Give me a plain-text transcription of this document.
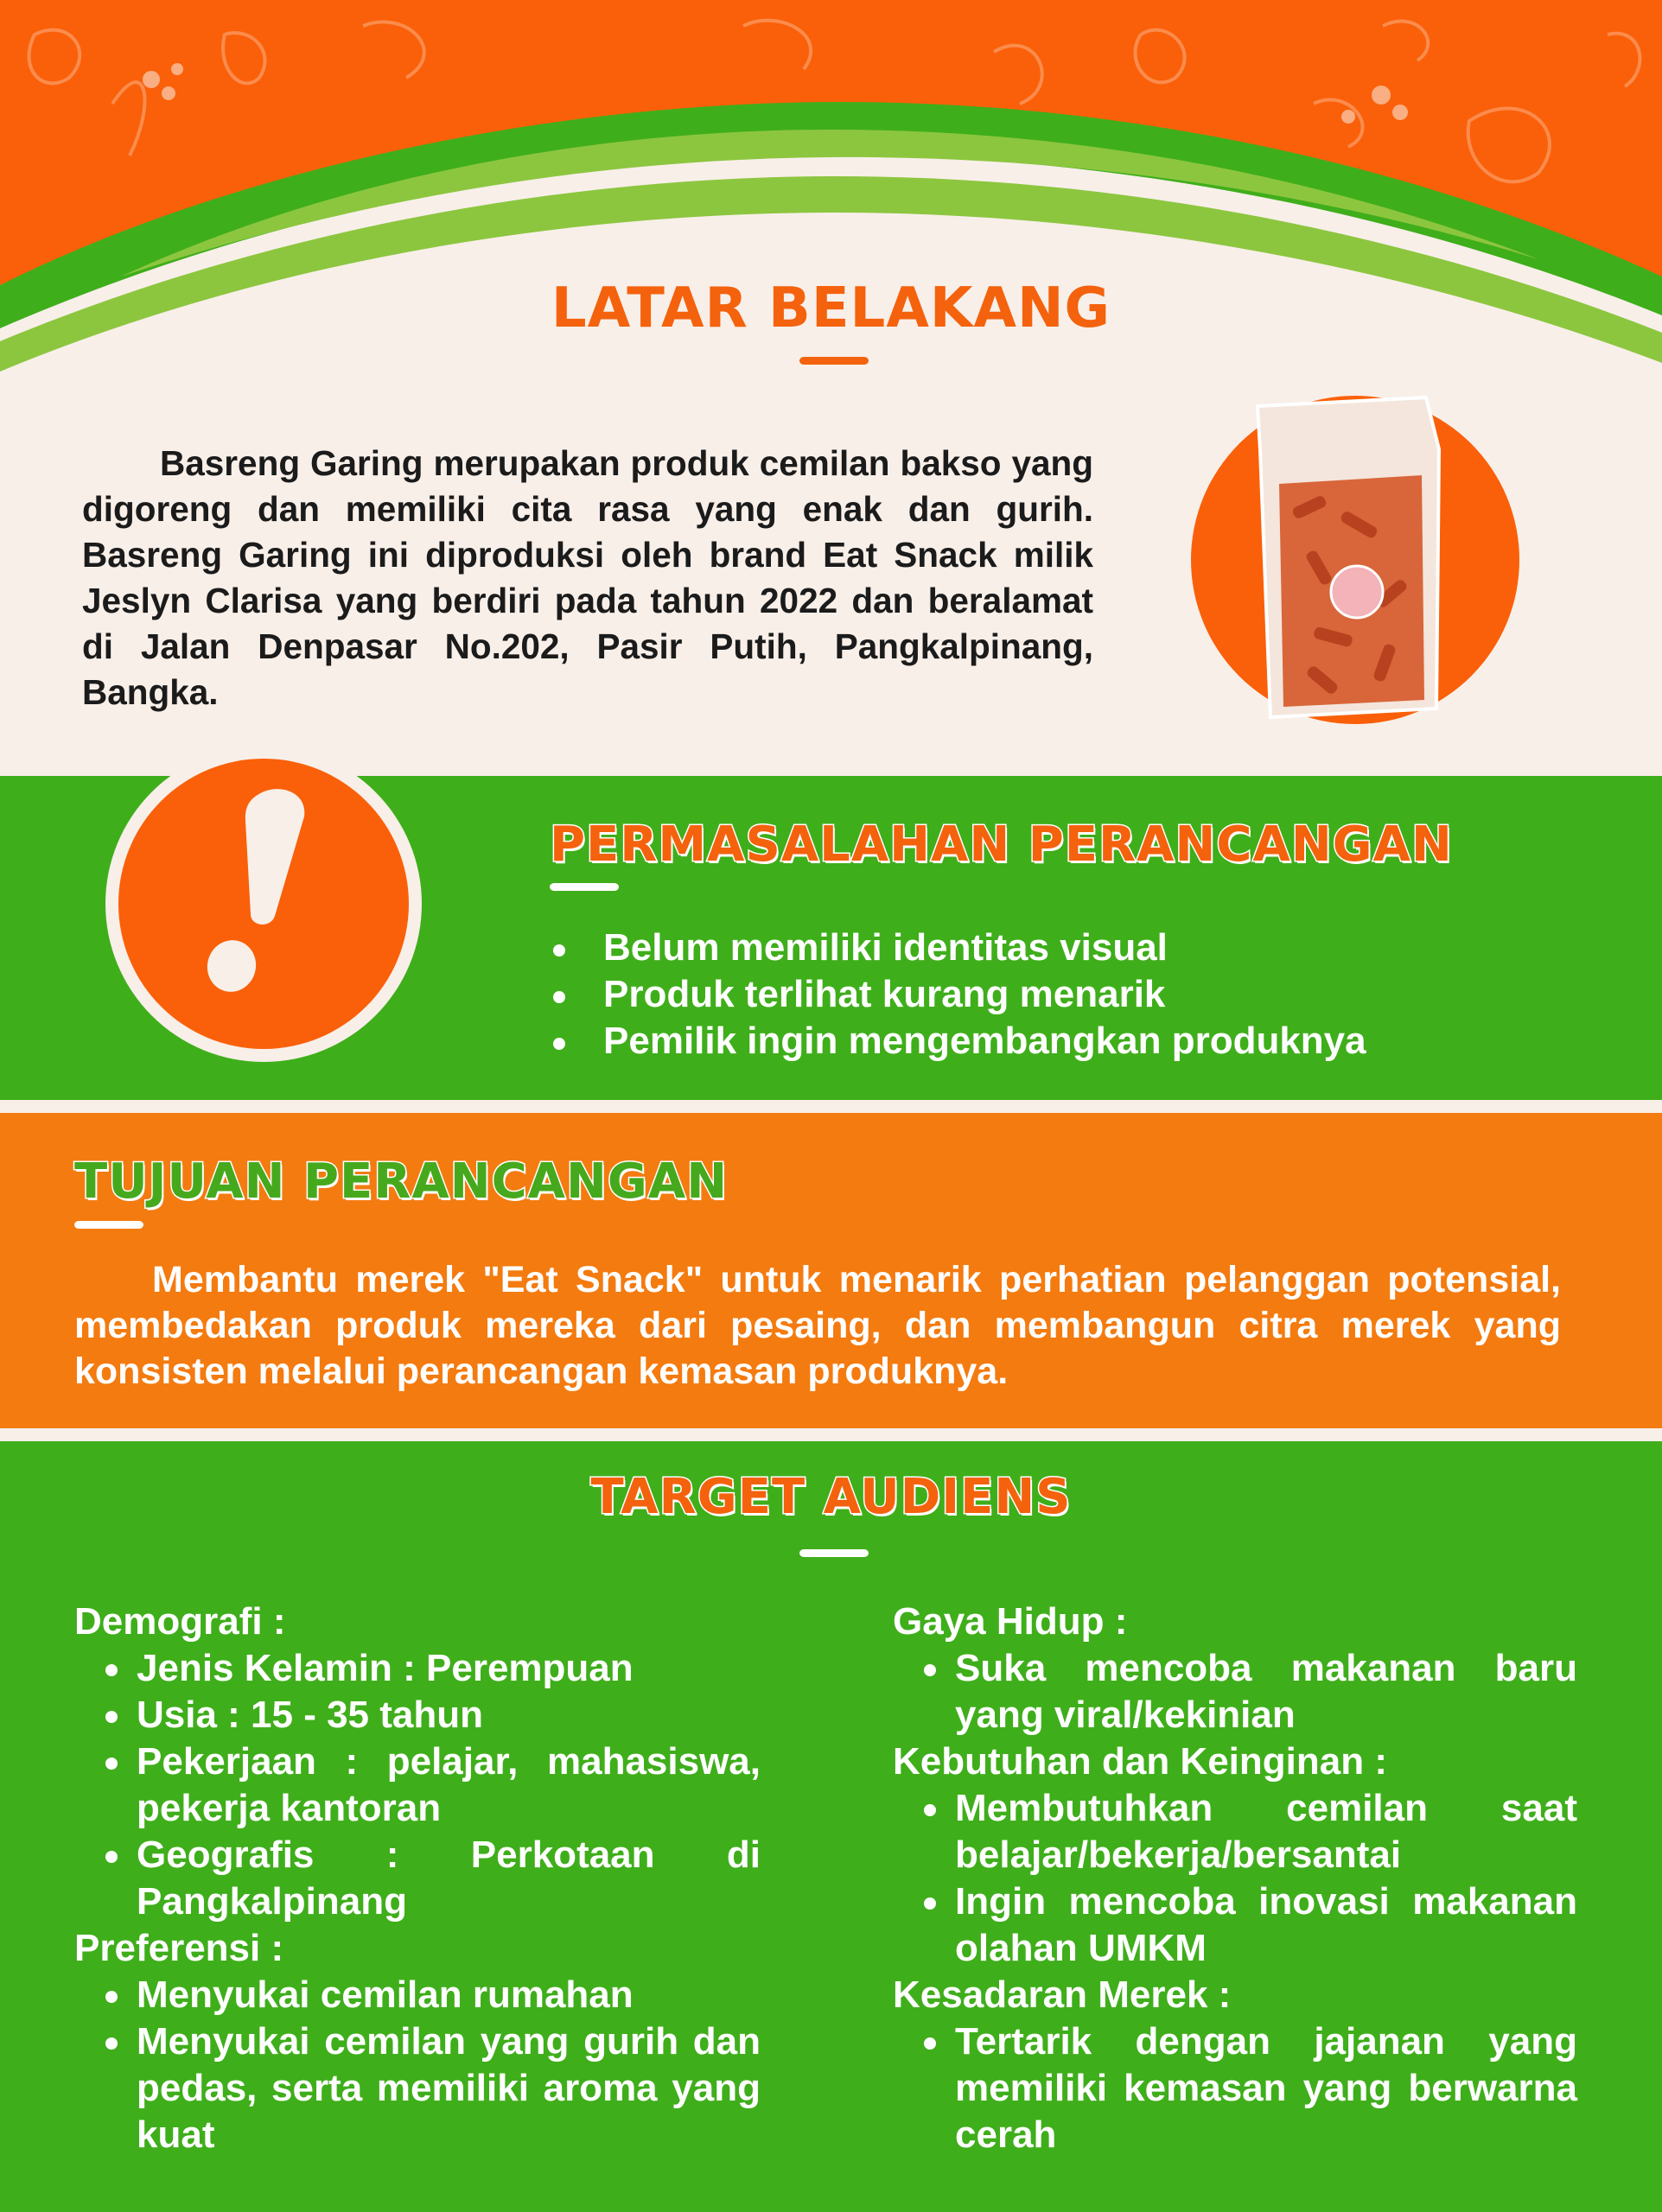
LATAR BELAKANG
Basreng Garing merupakan produk cemilan bakso yang digoreng dan memiliki cita rasa yang enak dan gurih. Basreng Garing ini diproduksi oleh brand Eat Snack milik Jeslyn Clarisa yang berdiri pada tahun 2022 dan beralamat di Jalan Denpasar No.202, Pasir Putih, Pangkalpinang, Bangka.
PERMASALAHAN PERANCANGAN
Belum memiliki identitas visual
Produk terlihat kurang menarik
Pemilik ingin mengembangkan produknya
TUJUAN PERANCANGAN
Membantu merek "Eat Snack" untuk menarik perhatian pelanggan potensial, membedakan produk mereka dari pesaing, dan membangun citra merek yang konsisten melalui perancangan kemasan produknya.
TARGET AUDIENS

Demografi :

Jenis Kelamin : Perempuan
Usia : 15 - 35 tahun
Pekerjaan : pelajar, mahasiswa, pekerja kantoran
Geografis : Perkotaan di Pangkalpinang

Preferensi :

Menyukai cemilan rumahan
Menyukai cemilan yang gurih dan pedas, serta memiliki aroma yang kuat

Gaya Hidup :

Suka mencoba makanan baru yang viral/kekinian

Kebutuhan dan Keinginan :

Membutuhkan cemilan saat belajar/bekerja/bersantai
Ingin mencoba inovasi makanan olahan UMKM

Kesadaran Merek :

Tertarik dengan jajanan yang memiliki kemasan yang berwarna cerah
